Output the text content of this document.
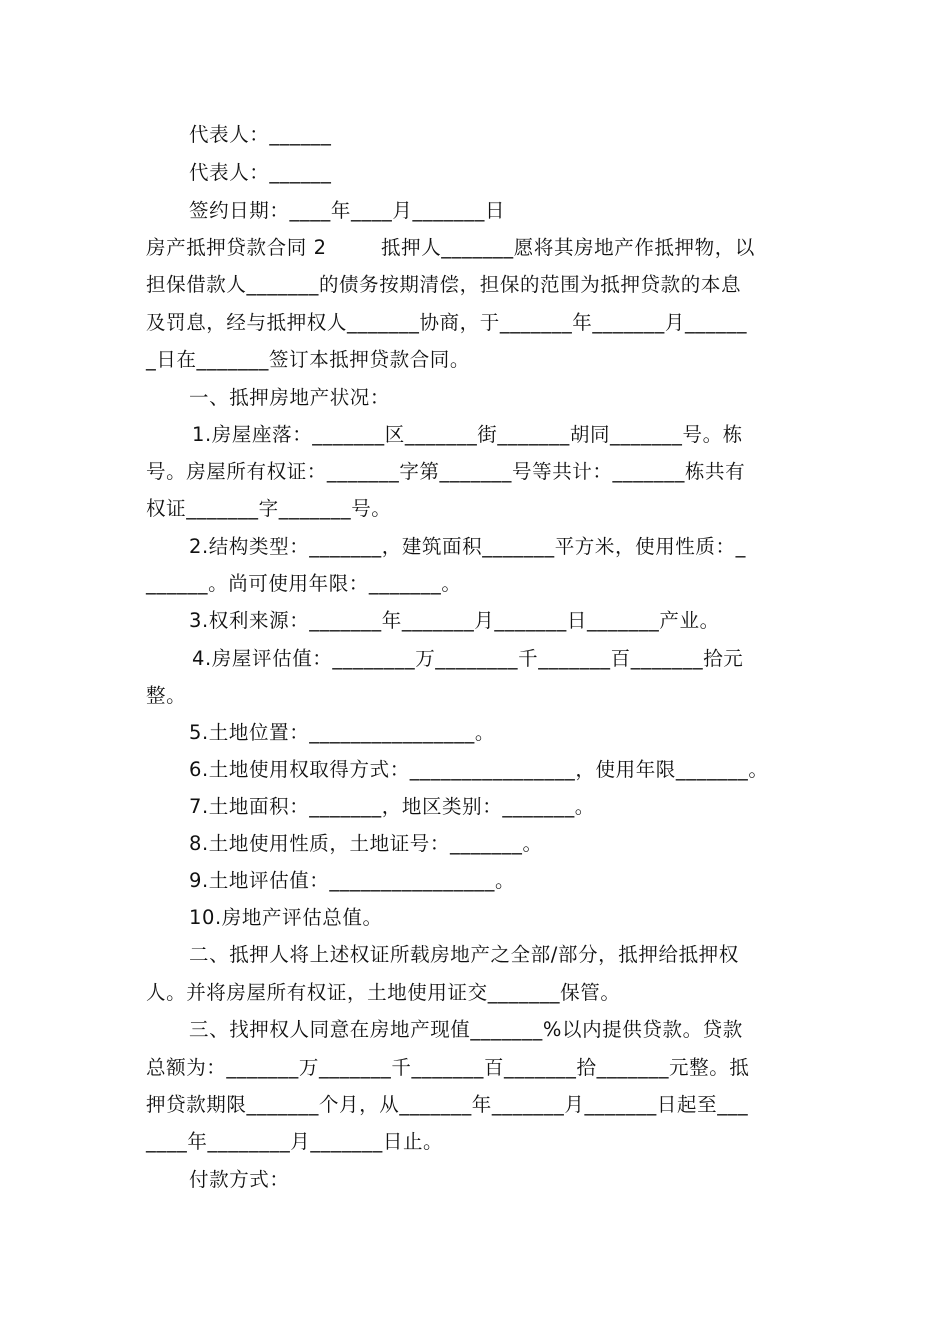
代表人：______
代表人：______
签约日期：____年____月_______日
房产抵押贷款合同 2        抵押人_______愿将其房地产作抵押物，以
担保借款人_______的债务按期清偿，担保的范围为抵押贷款的本息
及罚息，经与抵押权人_______协商，于_______年_______月______
_日在_______签订本抵押贷款合同。
一、抵押房地产状况：
1.房屋座落：_______区_______街_______胡同_______号。栋
号。房屋所有权证：_______字第_______号等共计：_______栋共有
权证_______字_______号。
2.结构类型：_______，建筑面积_______平方米，使用性质：_
______。尚可使用年限：_______。
3.权利来源：_______年_______月_______日_______产业。
4.房屋评估值：________万________千_______百_______拾元
整。
5.土地位置：________________。
6.土地使用权取得方式：________________，使用年限_______。
7.土地面积：_______，地区类别：_______。
8.土地使用性质，土地证号：_______。
9.土地评估值：________________。
10.房地产评估总值。
二、抵押人将上述权证所载房地产之全部/部分，抵押给抵押权
人。并将房屋所有权证，土地使用证交_______保管。
三、找押权人同意在房地产现值_______%以内提供贷款。贷款
总额为：_______万_______千_______百_______拾_______元整。抵
押贷款期限_______个月，从_______年_______月_______日起至___
____年________月_______日止。
付款方式：
